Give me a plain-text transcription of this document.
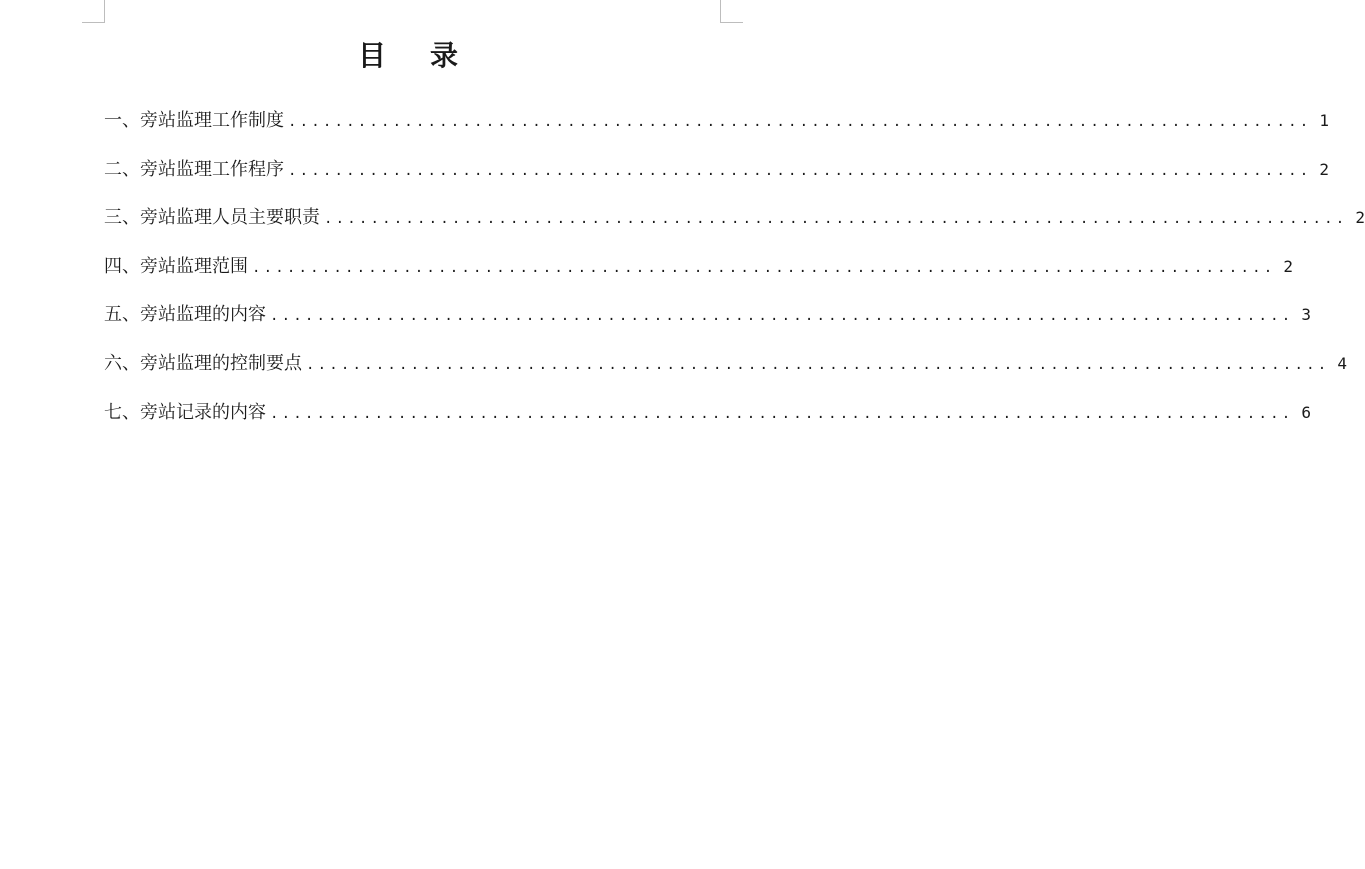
目 录
一、旁站监理工作制度 ........................................................................................ 1
二、旁站监理工作程序 ........................................................................................ 2
三、旁站监理人员主要职责 ........................................................................................ 2
四、旁站监理范围 ........................................................................................ 2
五、旁站监理的内容 ........................................................................................ 3
六、旁站监理的控制要点 ........................................................................................ 4
七、旁站记录的内容 ........................................................................................ 6
